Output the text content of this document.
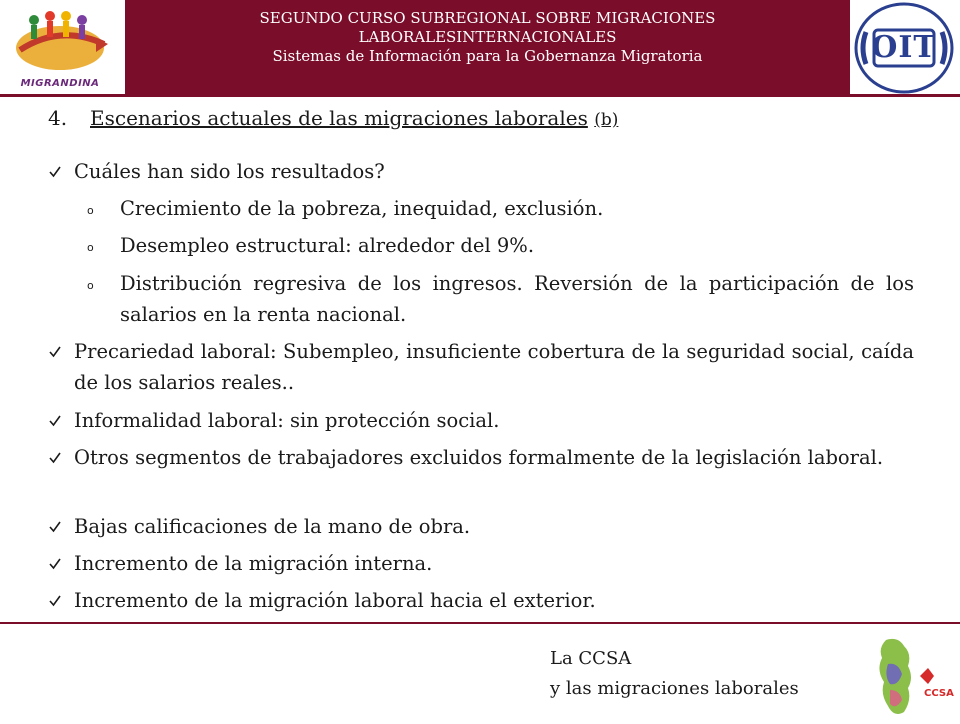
MIGRANDINA
SEGUNDO CURSO SUBREGIONAL SOBRE MIGRACIONES
LABORALESINTERNACIONALES
Sistemas de Información para la Gobernanza Migratoria	OIT
4. Escenarios actuales de las migraciones laborales (b)
Cuáles han sido los resultados?
o Crecimiento de la pobreza, inequidad, exclusión.
o Desempleo estructural: alrededor del 9%.
o Distribución regresiva de los ingresos. Reversión de la participación de los salarios en la renta nacional.
Precariedad laboral: Subempleo, insuficiente cobertura de la seguridad social, caída de los salarios reales..
Informalidad laboral: sin protección social.
Otros segmentos de trabajadores excluidos formalmente de la legislación laboral.
Bajas calificaciones de la mano de obra.
Incremento de la migración interna.
Incremento de la migración laboral hacia el exterior.
La CCSA
y las migraciones laborales	CCSA
